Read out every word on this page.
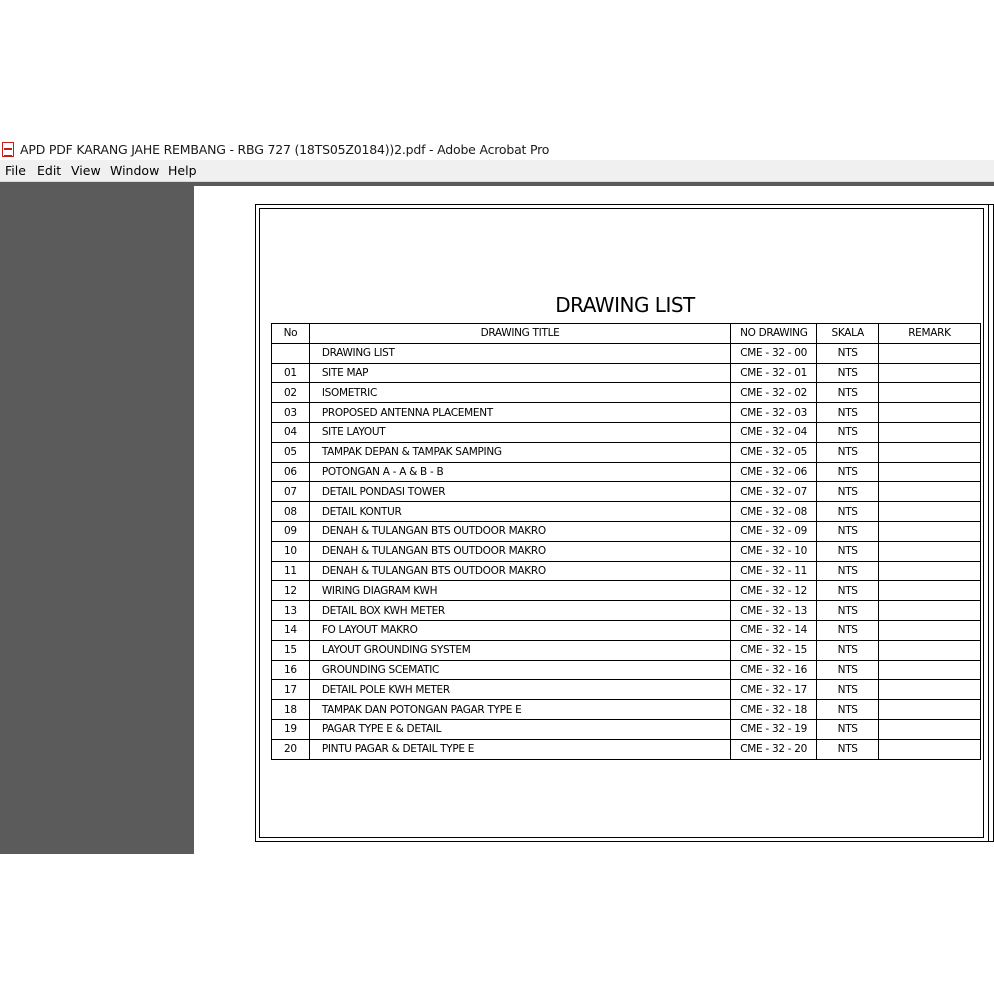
APD PDF KARANG JAHE REMBANG - RBG 727 (18TS05Z0184))2.pdf - Adobe Acrobat Pro
File Edit View Window Help
DRAWING LIST
No	DRAWING TITLE	NO DRAWING	SKALA	REMARK
	DRAWING LIST	CME - 32 - 00	NTS	
01	SITE MAP	CME - 32 - 01	NTS	
02	ISOMETRIC	CME - 32 - 02	NTS	
03	PROPOSED ANTENNA PLACEMENT	CME - 32 - 03	NTS	
04	SITE LAYOUT	CME - 32 - 04	NTS	
05	TAMPAK DEPAN & TAMPAK SAMPING	CME - 32 - 05	NTS	
06	POTONGAN A - A & B - B	CME - 32 - 06	NTS	
07	DETAIL PONDASI TOWER	CME - 32 - 07	NTS	
08	DETAIL KONTUR	CME - 32 - 08	NTS	
09	DENAH & TULANGAN BTS OUTDOOR MAKRO	CME - 32 - 09	NTS	
10	DENAH & TULANGAN BTS OUTDOOR MAKRO	CME - 32 - 10	NTS	
11	DENAH & TULANGAN BTS OUTDOOR MAKRO	CME - 32 - 11	NTS	
12	WIRING DIAGRAM KWH	CME - 32 - 12	NTS	
13	DETAIL BOX KWH METER	CME - 32 - 13	NTS	
14	FO LAYOUT MAKRO	CME - 32 - 14	NTS	
15	LAYOUT GROUNDING SYSTEM	CME - 32 - 15	NTS	
16	GROUNDING SCEMATIC	CME - 32 - 16	NTS	
17	DETAIL POLE KWH METER	CME - 32 - 17	NTS	
18	TAMPAK DAN POTONGAN PAGAR TYPE E	CME - 32 - 18	NTS	
19	PAGAR TYPE E & DETAIL	CME - 32 - 19	NTS	
20	PINTU PAGAR & DETAIL TYPE E	CME - 32 - 20	NTS	
